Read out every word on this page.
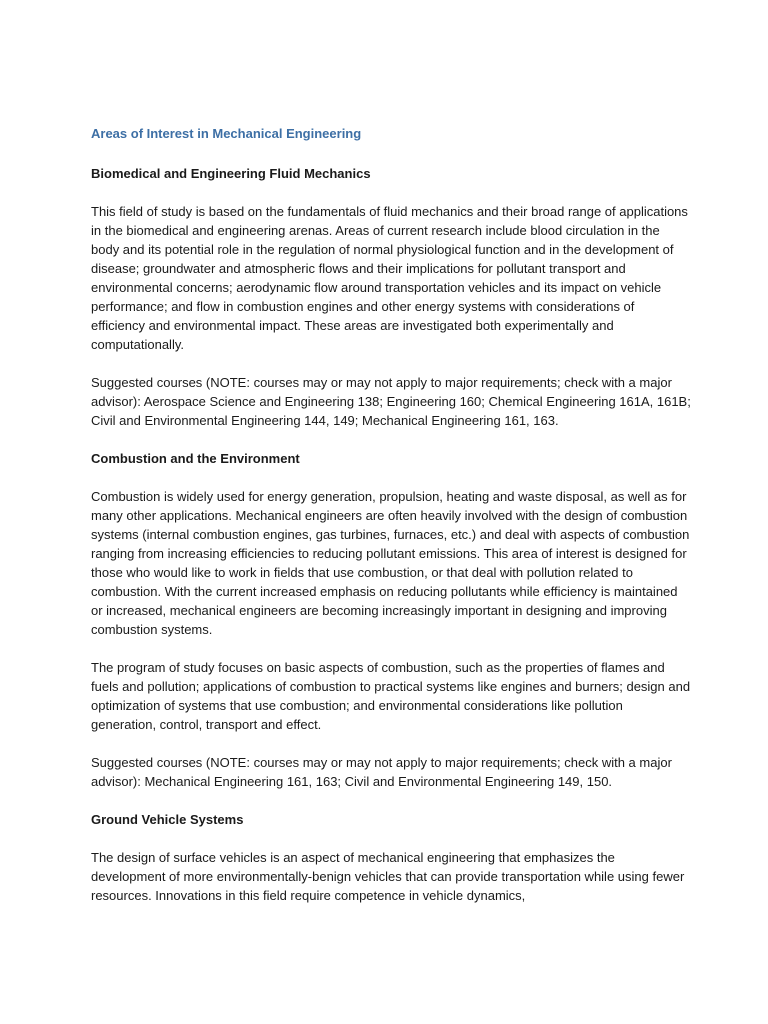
Areas of Interest in Mechanical Engineering
Biomedical and Engineering Fluid Mechanics

This field of study is based on the fundamentals of fluid mechanics and their broad range of applications in the biomedical and engineering arenas. Areas of current research include blood circulation in the body and its potential role in the regulation of normal physiological function and in the development of disease; groundwater and atmospheric flows and their implications for pollutant transport and environmental concerns; aerodynamic flow around transportation vehicles and its impact on vehicle performance; and flow in combustion engines and other energy systems with considerations of efficiency and environmental impact. These areas are investigated both experimentally and computationally.

Suggested courses (NOTE: courses may or may not apply to major requirements; check with a major advisor): Aerospace Science and Engineering 138; Engineering 160; Chemical Engineering 161A, 161B; Civil and Environmental Engineering 144, 149; Mechanical Engineering 161, 163.

Combustion and the Environment

Combustion is widely used for energy generation, propulsion, heating and waste disposal, as well as for many other applications. Mechanical engineers are often heavily involved with the design of combustion systems (internal combustion engines, gas turbines, furnaces, etc.) and deal with aspects of combustion ranging from increasing efficiencies to reducing pollutant emissions. This area of interest is designed for those who would like to work in fields that use combustion, or that deal with pollution related to combustion. With the current increased emphasis on reducing pollutants while efficiency is maintained or increased, mechanical engineers are becoming increasingly important in designing and improving combustion systems.

The program of study focuses on basic aspects of combustion, such as the properties of flames and fuels and pollution; applications of combustion to practical systems like engines and burners; design and optimization of systems that use combustion; and environmental considerations like pollution generation, control, transport and effect.

Suggested courses (NOTE: courses may or may not apply to major requirements; check with a major advisor): Mechanical Engineering 161, 163; Civil and Environmental Engineering 149, 150.

Ground Vehicle Systems

The design of surface vehicles is an aspect of mechanical engineering that emphasizes the development of more environmentally-benign vehicles that can provide transportation while using fewer resources. Innovations in this field require competence in vehicle dynamics,
